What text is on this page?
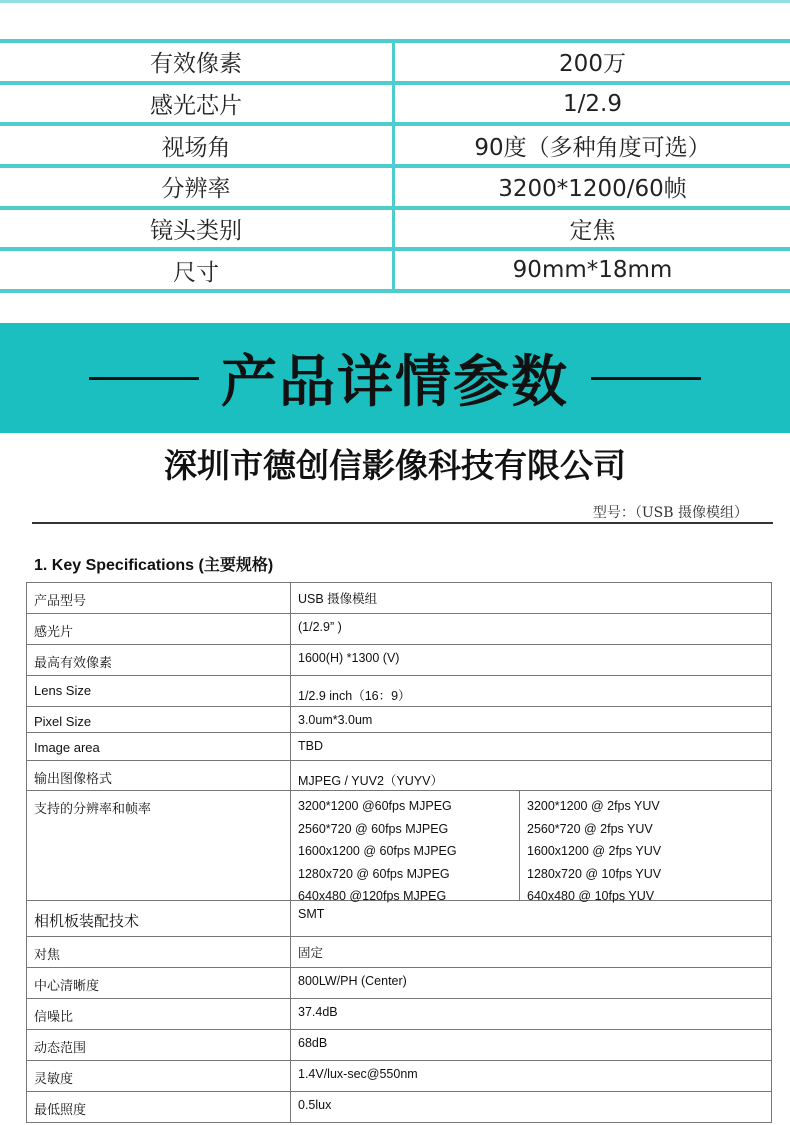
有效像素	200万
感光芯片	1/2.9
视场角	90度（多种角度可选）
分辨率	3200*1200/60帧
镜头类别	定焦
尺寸	90mm*18mm
产品详情参数
深圳市德创信影像科技有限公司
型号：（USB 摄像模组）
1. Key Specifications (主要规格)
产品型号	USB 摄像模组
感光片	(1/2.9” )
最高有效像素	1600(H) *1300 (V)
Lens Size	1/2.9 inch（16：9）
Pixel Size	3.0um*3.0um
Image area	TBD
输出图像格式	MJPEG / YUV2（YUYV）
支持的分辨率和帧率	3200*1200 @60fps MJPEG
2560*720 @ 60fps MJPEG
1600x1200 @ 60fps MJPEG
1280x720 @ 60fps MJPEG
640x480 @120fps MJPEG
3200*1200 @ 2fps YUV
2560*720 @ 2fps YUV
1600x1200 @ 2fps YUV
1280x720 @ 10fps YUV
640x480 @ 10fps YUV
相机板装配技术	SMT
对焦	固定
中心清晰度	800LW/PH (Center)
信噪比	37.4dB
动态范围	68dB
灵敏度	1.4V/lux-sec@550nm
最低照度	0.5lux
